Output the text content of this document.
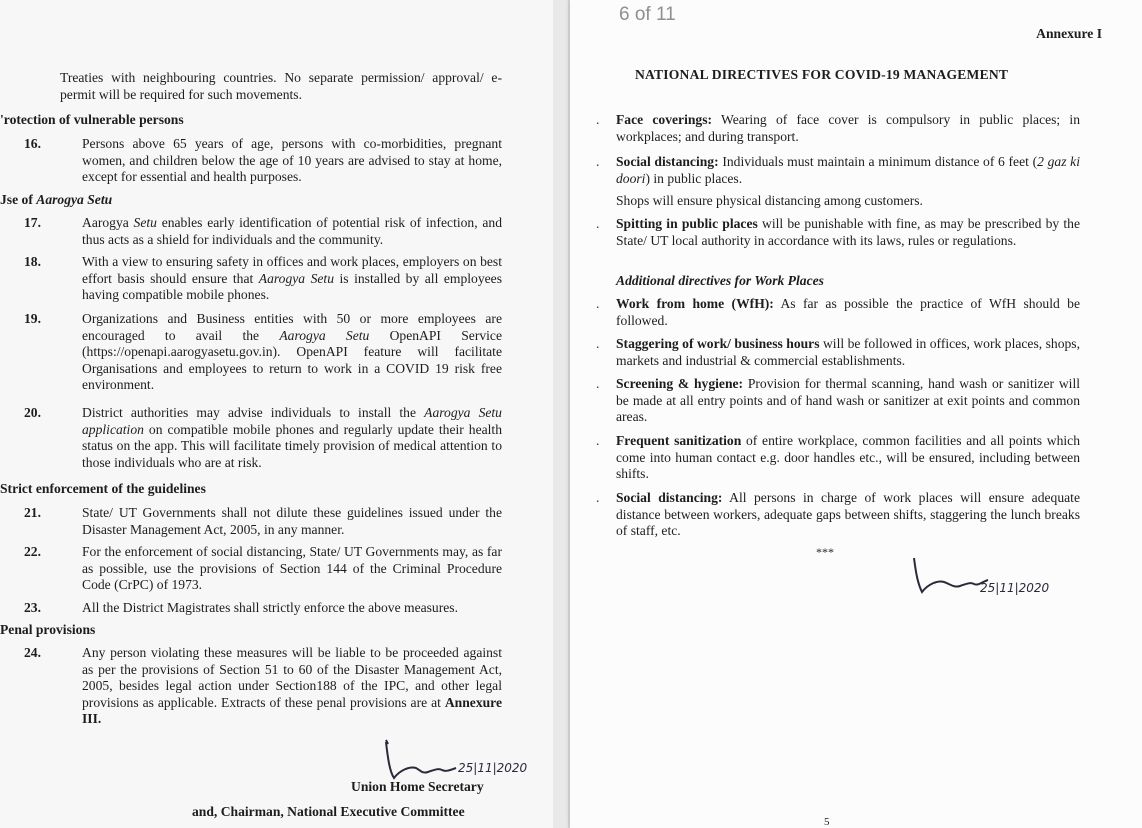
Treaties with neighbouring countries. No separate permission/ approval/ e-permit will be required for such movements.
'rotection of vulnerable persons
16.	Persons above 65 years of age, persons with co-morbidities, pregnant women, and children below the age of 10 years are advised to stay at home, except for essential and health purposes.
Jse of Aarogya Setu
17.	Aarogya Setu enables early identification of potential risk of infection, and thus acts as a shield for individuals and the community.
18.	With a view to ensuring safety in offices and work places, employers on best effort basis should ensure that Aarogya Setu is installed by all employees having compatible mobile phones.
19.	Organizations and Business entities with 50 or more employees are encouraged to avail the Aarogya Setu OpenAPI Service (https://openapi.aarogyasetu.gov.in). OpenAPI feature will facilitate Organisations and employees to return to work in a COVID 19 risk free environment.
20.	District authorities may advise individuals to install the Aarogya Setu application on compatible mobile phones and regularly update their health status on the app. This will facilitate timely provision of medical attention to those individuals who are at risk.
Strict enforcement of the guidelines
21.	State/ UT Governments shall not dilute these guidelines issued under the Disaster Management Act, 2005, in any manner.
22.	For the enforcement of social distancing, State/ UT Governments may, as far as possible, use the provisions of Section 144 of the Criminal Procedure Code (CrPC) of 1973.
23.	All the District Magistrates shall strictly enforce the above measures.
Penal provisions
24.	Any person violating these measures will be liable to be proceeded against as per the provisions of Section 51 to 60 of the Disaster Management Act, 2005, besides legal action under Section188 of the IPC, and other legal provisions as applicable. Extracts of these penal provisions are at Annexure III.
25|11|2020
Union Home Secretary
and, Chairman, National Executive Committee
6 of 11
Annexure I
NATIONAL DIRECTIVES FOR COVID-19 MANAGEMENT
. Face coverings: Wearing of face cover is compulsory in public places; in workplaces; and during transport.
. Social distancing: Individuals must maintain a minimum distance of 6 feet (2 gaz ki doori) in public places.
Shops will ensure physical distancing among customers.
. Spitting in public places will be punishable with fine, as may be prescribed by the State/ UT local authority in accordance with its laws, rules or regulations.
Additional directives for Work Places
. Work from home (WfH): As far as possible the practice of WfH should be followed.
. Staggering of work/ business hours will be followed in offices, work places, shops, markets and industrial & commercial establishments.
. Screening & hygiene: Provision for thermal scanning, hand wash or sanitizer will be made at all entry points and of hand wash or sanitizer at exit points and common areas.
. Frequent sanitization of entire workplace, common facilities and all points which come into human contact e.g. door handles etc., will be ensured, including between shifts.
. Social distancing: All persons in charge of work places will ensure adequate distance between workers, adequate gaps between shifts, staggering the lunch breaks of staff, etc.
***
25|11|2020
5
